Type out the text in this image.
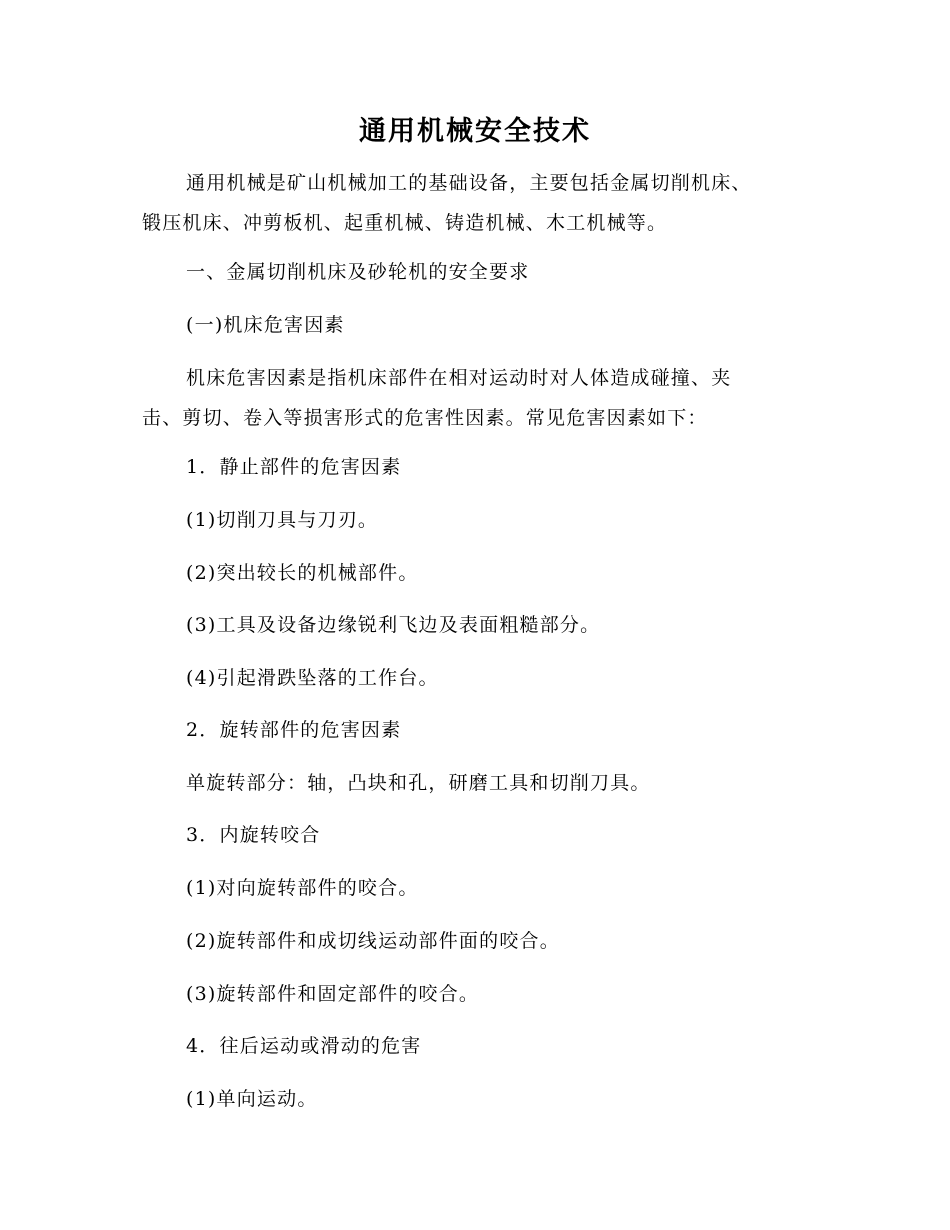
通用机械安全技术
通用机械是矿山机械加工的基础设备，主要包括金属切削机床、
锻压机床、冲剪板机、起重机械、铸造机械、木工机械等。
一、金属切削机床及砂轮机的安全要求
(一)机床危害因素
机床危害因素是指机床部件在相对运动时对人体造成碰撞、夹
击、剪切、卷入等损害形式的危害性因素。常见危害因素如下：
1．静止部件的危害因素
(1)切削刀具与刀刃。
(2)突出较长的机械部件。
(3)工具及设备边缘锐利飞边及表面粗糙部分。
(4)引起滑跌坠落的工作台。
2．旋转部件的危害因素
单旋转部分：轴，凸块和孔，研磨工具和切削刀具。
3．内旋转咬合
(1)对向旋转部件的咬合。
(2)旋转部件和成切线运动部件面的咬合。
(3)旋转部件和固定部件的咬合。
4．往后运动或滑动的危害
(1)单向运动。
